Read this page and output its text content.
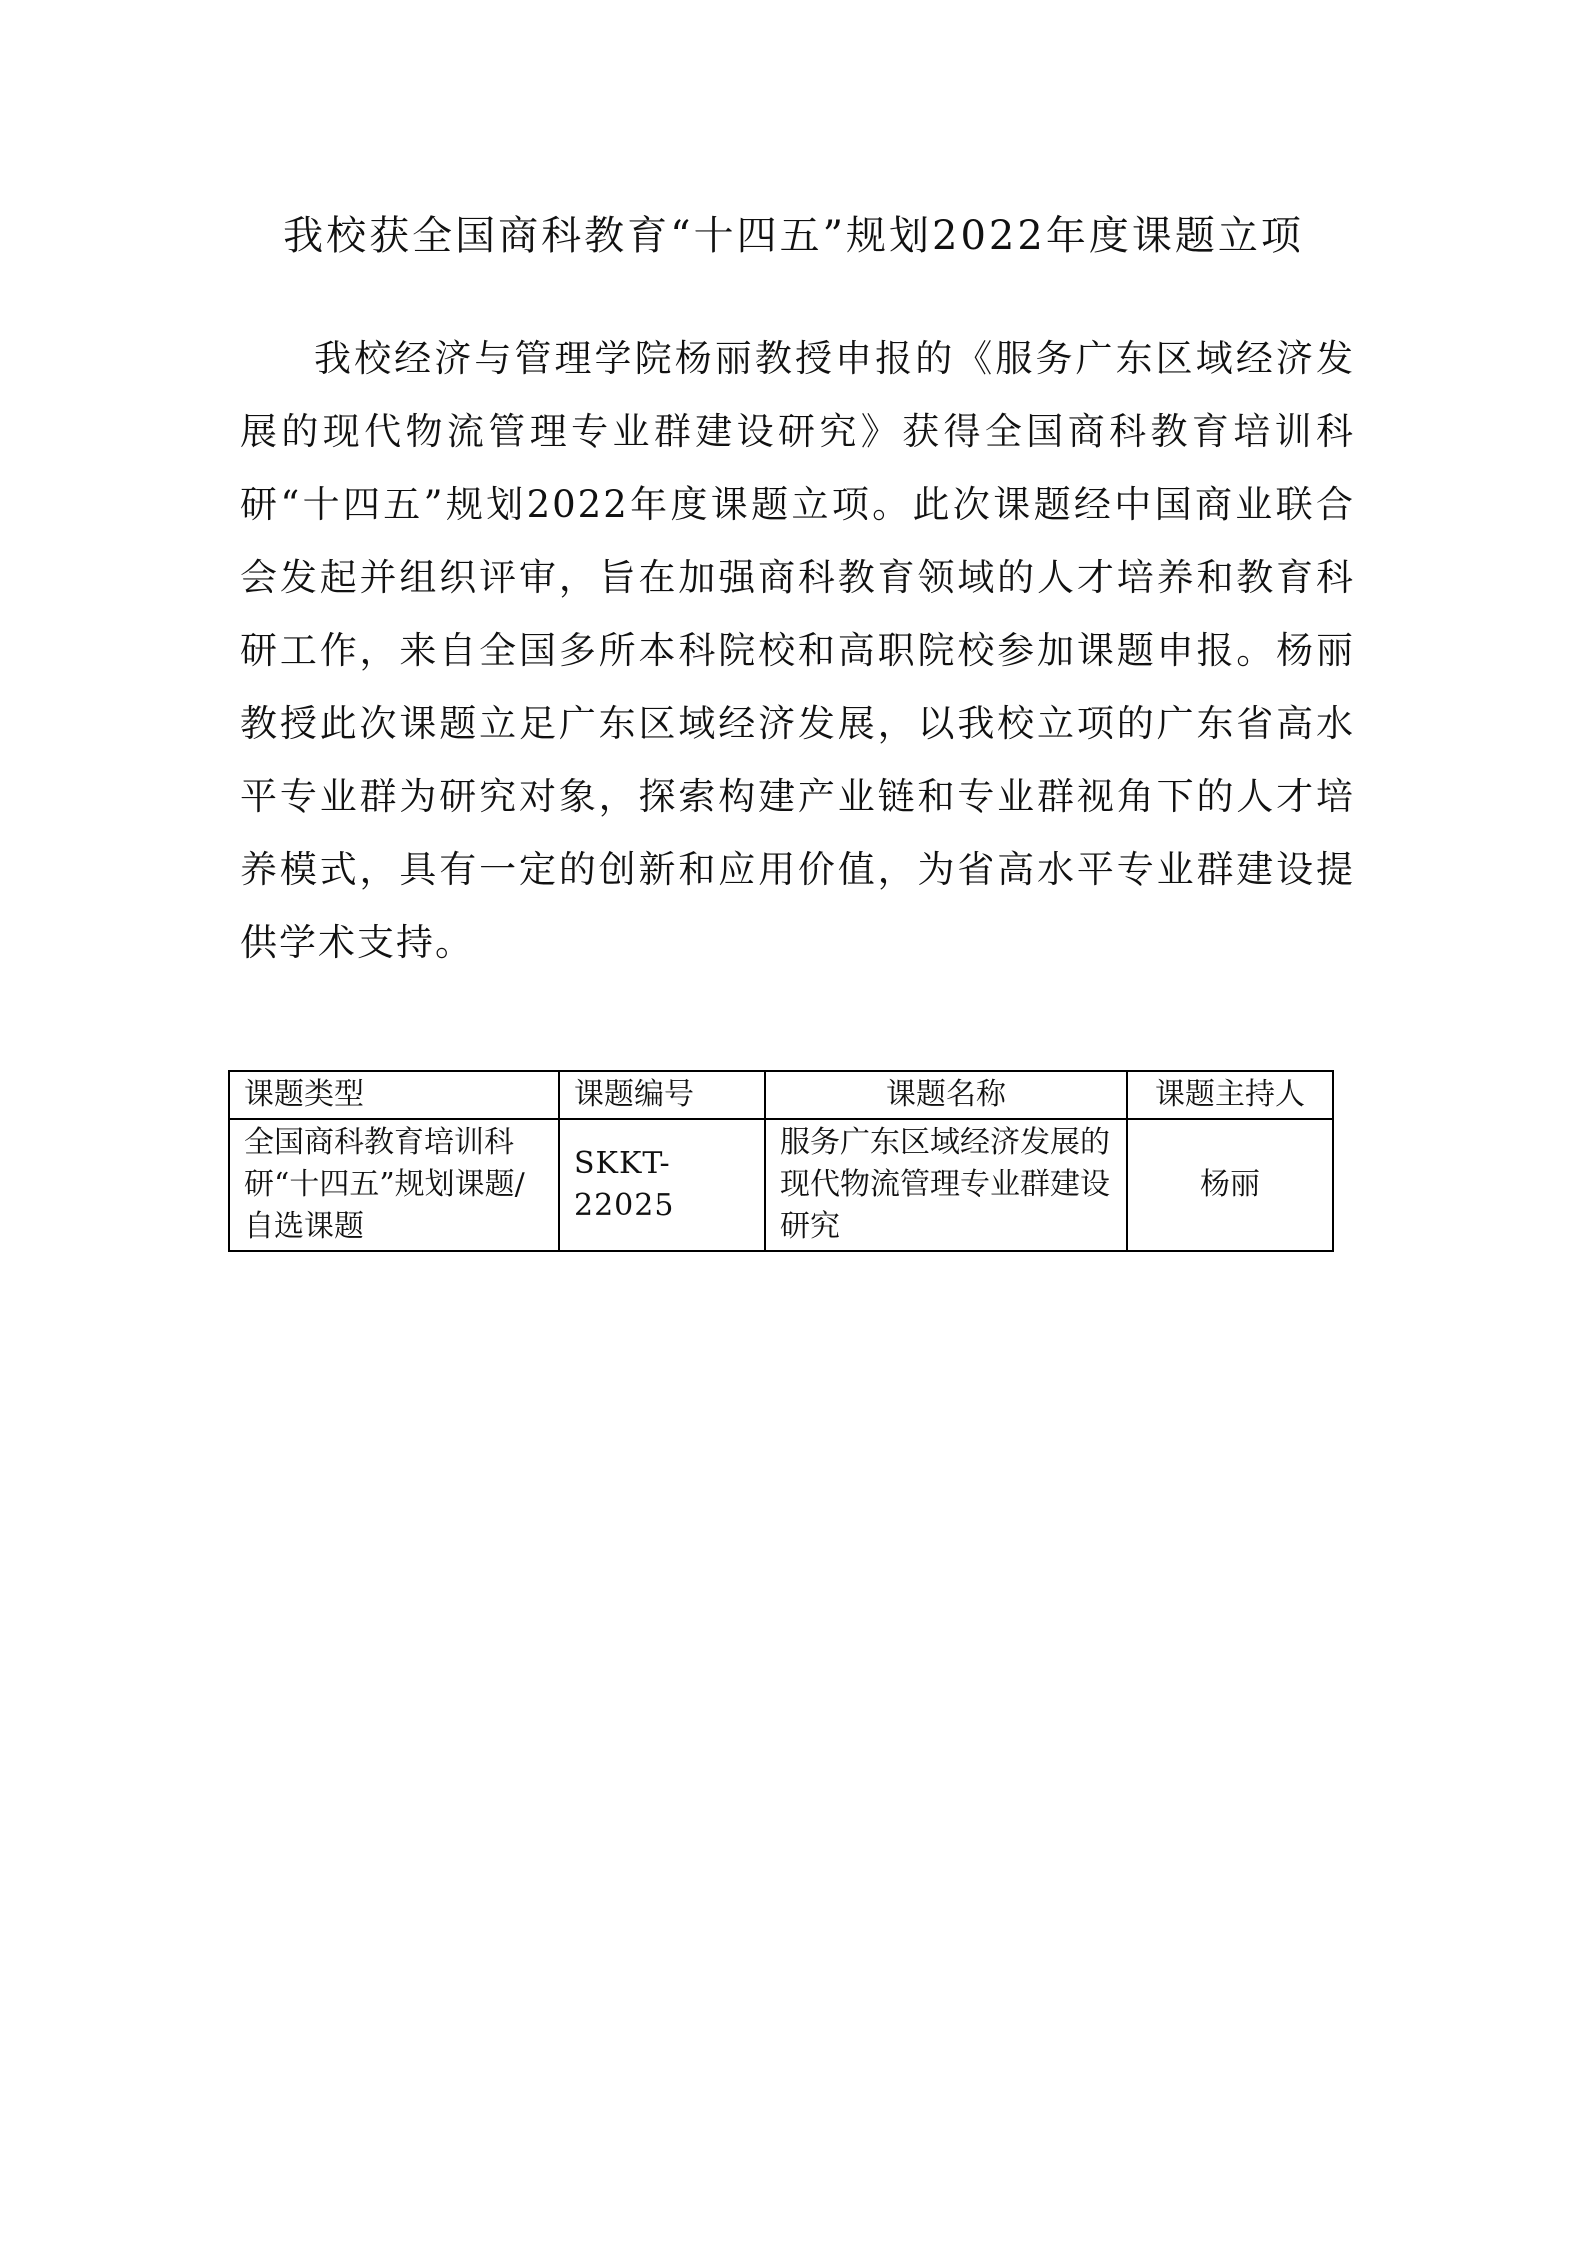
我校获全国商科教育“十四五”规划2022年度课题立项

我校经济与管理学院杨丽教授申报的《服务广东区域经济发展的现代物流管理专业群建设研究》获得全国商科教育培训科研“十四五”规划2022年度课题立项。此次课题经中国商业联合会发起并组织评审，旨在加强商科教育领域的人才培养和教育科研工作，来自全国多所本科院校和高职院校参加课题申报。杨丽教授此次课题立足广东区域经济发展，以我校立项的广东省高水平专业群为研究对象，探索构建产业链和专业群视角下的人才培养模式，具有一定的创新和应用价值，为省高水平专业群建设提供学术支持。

课题类型	课题编号	课题名称	课题主持人
全国商科教育培训科研“十四五”规划课题/自选课题	SKKT-22025	服务广东区域经济发展的现代物流管理专业群建设研究	杨丽
